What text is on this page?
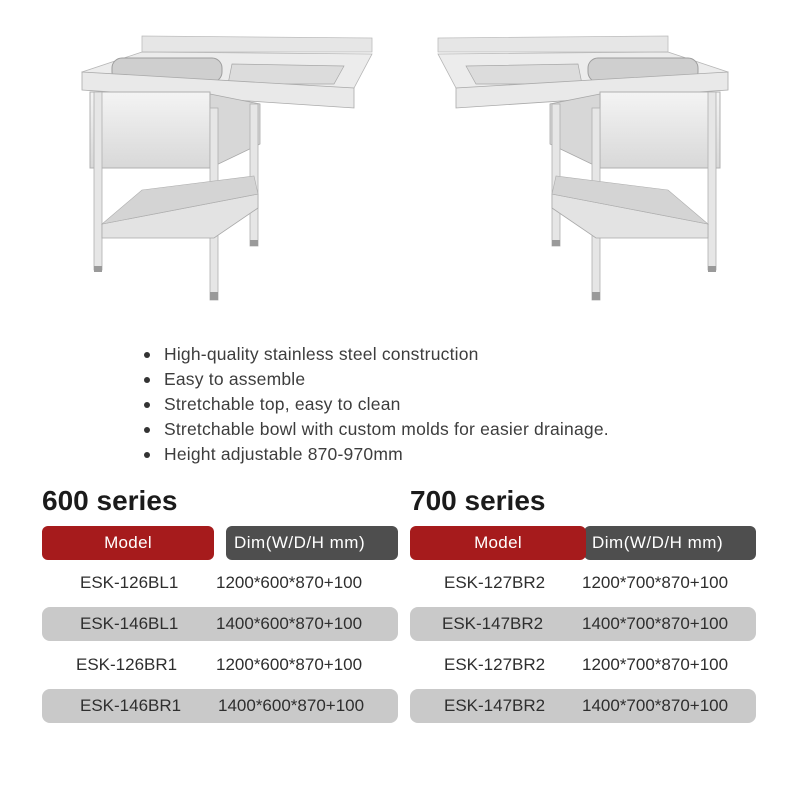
High-quality stainless steel construction
Easy to assemble
Stretchable top, easy to clean
Stretchable bowl with custom molds for easier drainage.
Height adjustable 870-970mm
600 series
Dim(W/D/H mm)
Model
ESK-126BL1 1200*600*870+100
ESK-146BL1 1400*600*870+100
ESK-126BR1 1200*600*870+100
ESK-146BR1 1400*600*870+100
700 series
Dim(W/D/H mm)
Model
ESK-127BR2 1200*700*870+100
ESK-147BR2 1400*700*870+100
ESK-127BR2 1200*700*870+100
ESK-147BR2 1400*700*870+100
